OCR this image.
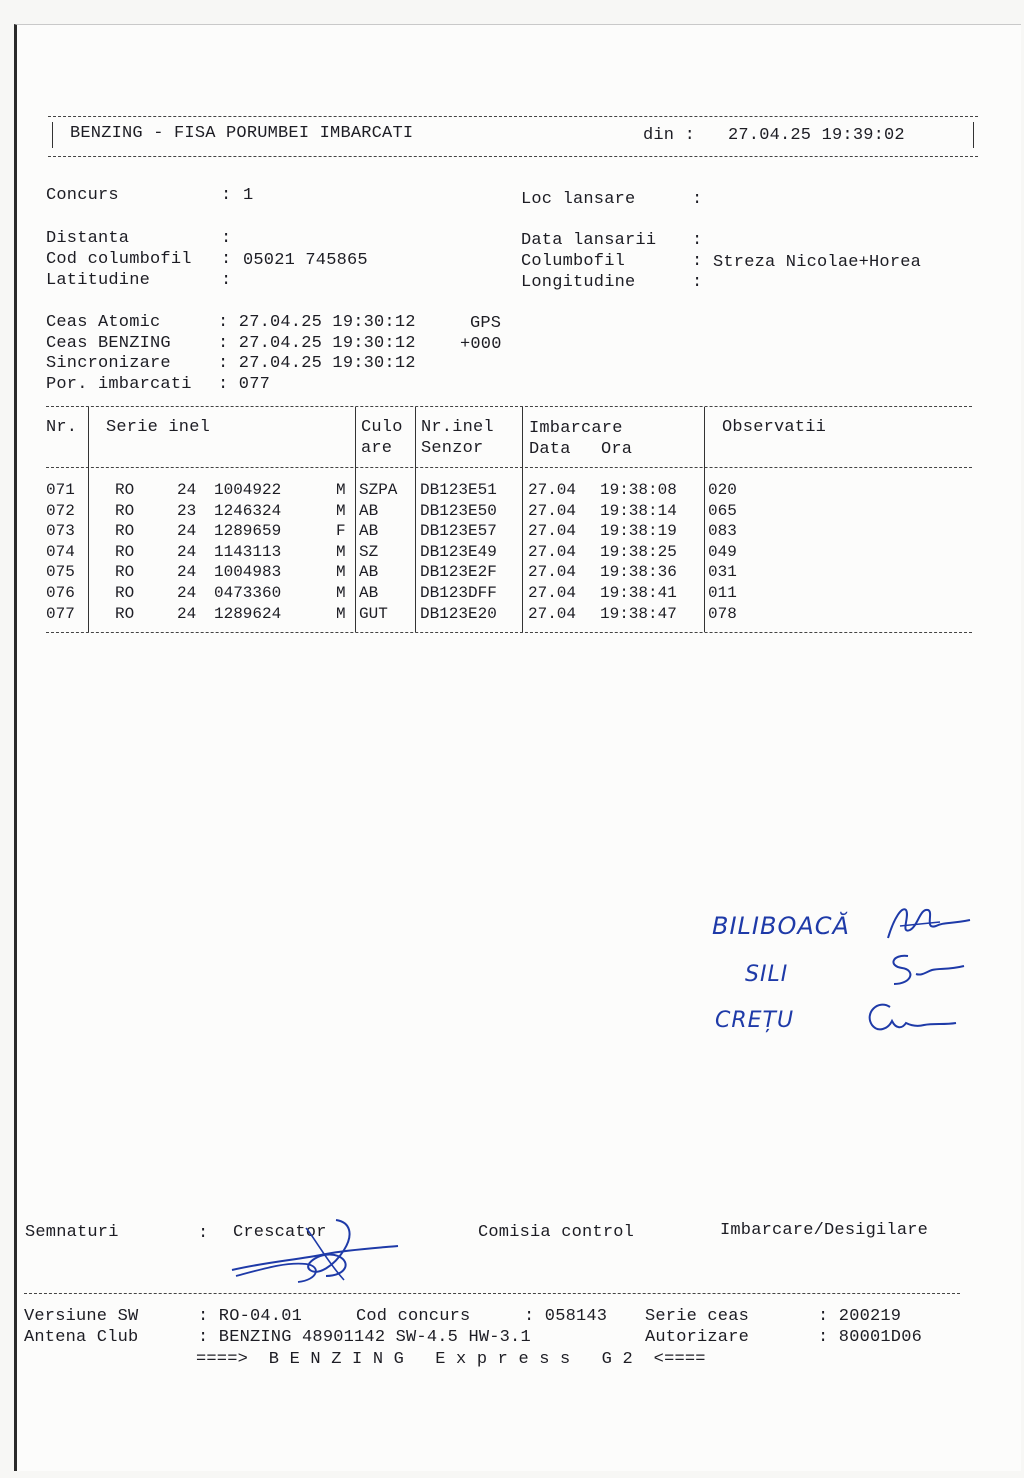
BENZING - FISA PORUMBEI IMBARCATI	din : 27.04.25 19:39:02
Concurs	: 1
Distanta	:
Cod columbofil : 05021 745865
Latitudine	:
Loc lansare	:
Data lansarii :
Columbofil	: Streza Nicolae+Horea
Longitudine	:
Ceas Atomic	: 27.04.25 19:30:12	GPS
Ceas BENZING	: 27.04.25 19:30:12	+000
Sincronizare	: 27.04.25 19:30:12
Por. imbarcati : 077
Nr. Serie inel	Culo
are
Nr.inel
Senzor
Imbarcare
Data Ora
Observatii
071	RO	24 1004922	M SZPA DB123E51 27.04 19:38:08 020
072	RO	23 1246324	M AB	DB123E50 27.04 19:38:14 065
073	RO	24 1289659	F AB	DB123E57 27.04 19:38:19 083
074	RO	24 1143113	M SZ	DB123E49 27.04 19:38:25 049
075	RO	24 1004983	M AB	DB123E2F 27.04 19:38:36 031
076	RO	24 0473360	M AB	DB123DFF 27.04 19:38:41 011
077	RO	24 1289624	M GUT DB123E20 27.04 19:38:47 078
BILIBOACĂ
SILI
CREȚU
Semnaturi	: Crescator	Comisia control	Imbarcare/Desigilare
Versiune SW	: RO-04.01	Cod concurs	: 058143 Serie ceas	: 200219
Antena Club	: BENZING 48901142 SW-4.5 HW-3.1	Autorizare	: 80001D06
====>  B E N Z I N G   E x p r e s s   G 2  <====
